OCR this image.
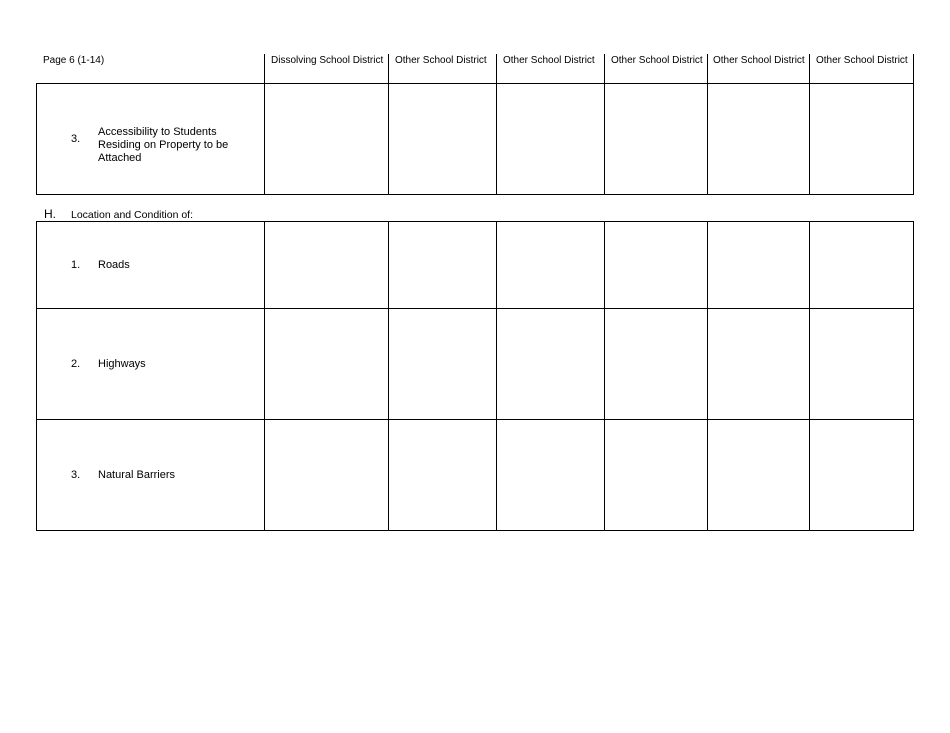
Page 6 (1-14)	Dissolving School District Other School District Other School District Other School District Other School District Other School District
3.
Accessibility to Students
Residing on Property to be
Attached
H. Location and Condition of:
1. Roads
2. Highways
3. Natural Barriers
